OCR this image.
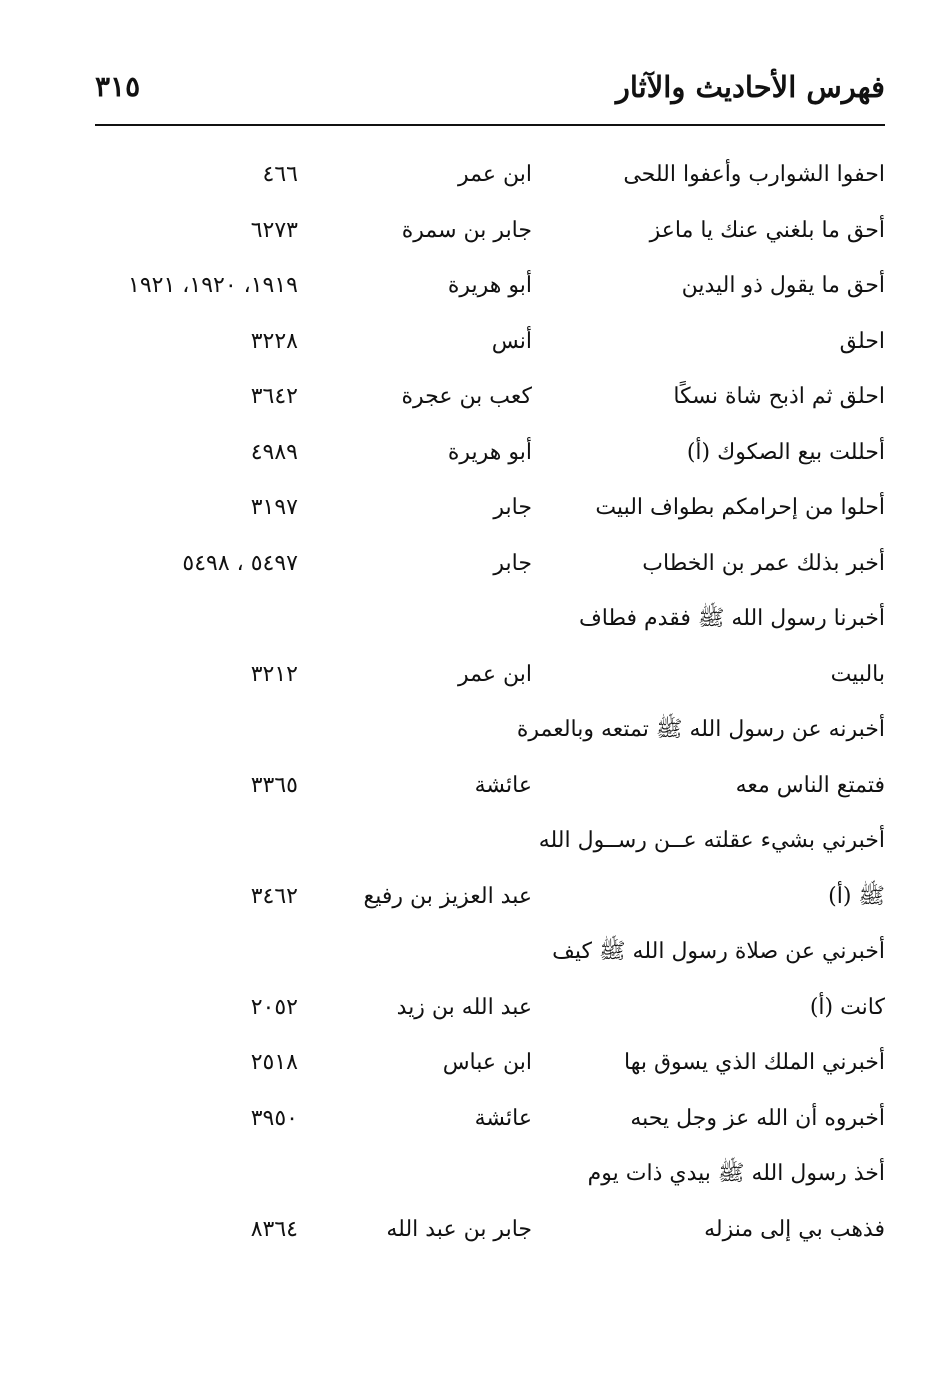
فهرس الأحاديث والآثار
٣١٥
احفوا الشوارب وأعفوا اللحى
ابن عمر
٤٦٦
أحق ما بلغني عنك يا ماعز
جابر بن سمرة
٦٢٧٣
أحق ما يقول ذو اليدين
أبو هريرة
١٩١٩، ١٩٢٠، ١٩٢١
احلق
أنس
٣٢٢٨
احلق ثم اذبح شاة نسكًا
كعب بن عجرة
٣٦٤٢
أحللت بيع الصكوك (أ)
أبو هريرة
٤٩٨٩
أحلوا من إحرامكم بطواف البيت
جابر
٣١٩٧
أخبر بذلك عمر بن الخطاب
جابر
٥٤٩٧ ، ٥٤٩٨
أخبرنا رسول الله ﷺ فقدم فطاف
بالبيت
ابن عمر
٣٢١٢
أخبرنه عن رسول الله ﷺ تمتعه وبالعمرة
فتمتع الناس معه
عائشة
٣٣٦٥
أخبرني بشيء عقلته عــن رســول الله
ﷺ (أ)
عبد العزيز بن رفيع
٣٤٦٢
أخبرني عن صلاة رسول الله ﷺ كيف
كانت (أ)
عبد الله بن زيد
٢٠٥٢
أخبرني الملك الذي يسوق بها
ابن عباس
٢٥١٨
أخبروه أن الله عز وجل يحبه
عائشة
٣٩٥٠
أخذ رسول الله ﷺ بيدي ذات يوم
فذهب بي إلى منزله
جابر بن عبد الله
٨٣٦٤
